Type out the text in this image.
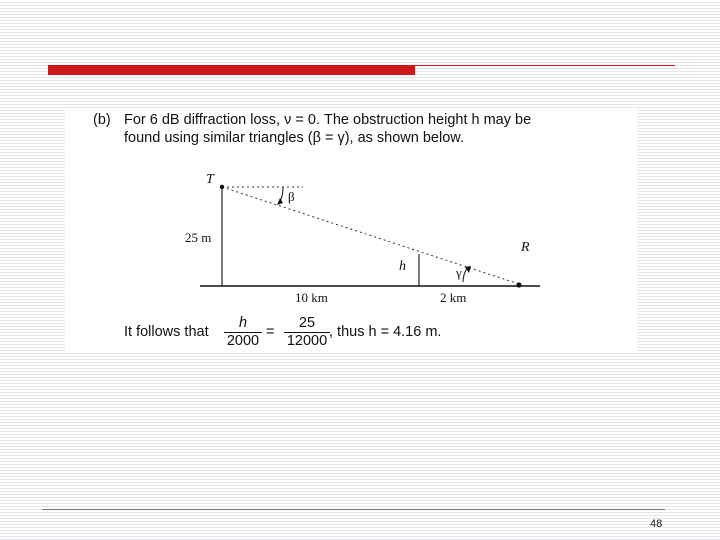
(b) For 6 dB diffraction loss, ν = 0. The obstruction height h may be
found using similar triangles (β = γ), as shown below.
T
R
25 m
h
β
γ
10 km	2 km
It follows that $\frac{h}{2000} = \frac{25}{12000}$ , thus h = 4.16 m.
48
